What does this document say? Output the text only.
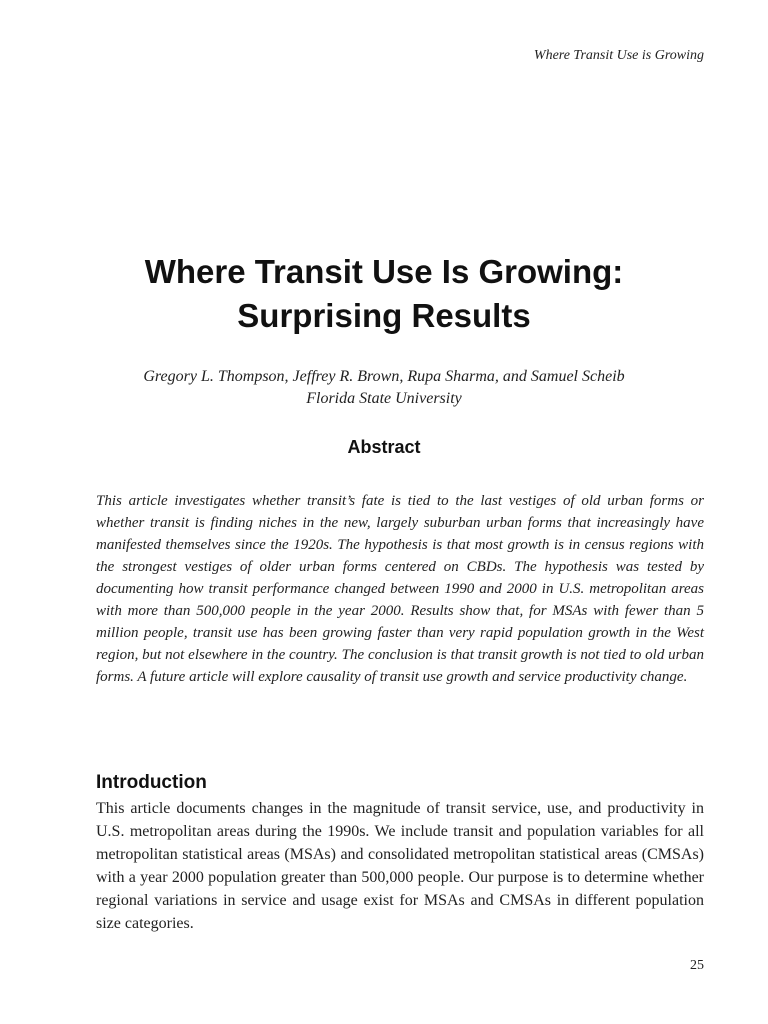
Where Transit Use is Growing
Where Transit Use Is Growing:
Surprising Results
Gregory L. Thompson, Jeffrey R. Brown, Rupa Sharma, and Samuel Scheib
Florida State University
Abstract

This article investigates whether transit’s fate is tied to the last vestiges of old urban forms or whether transit is finding niches in the new, largely suburban urban forms that increasingly have manifested themselves since the 1920s. The hypothesis is that most growth is in census regions with the strongest vestiges of older urban forms centered on CBDs. The hypothesis was tested by documenting how transit performance changed between 1990 and 2000 in U.S. metropolitan areas with more than 500,000 people in the year 2000. Results show that, for MSAs with fewer than 5 million people, transit use has been growing faster than very rapid population growth in the West region, but not elsewhere in the country. The conclusion is that transit growth is not tied to old urban forms. A future article will explore causality of transit use growth and service productivity change.

Introduction

This article documents changes in the magnitude of transit service, use, and productivity in U.S. metropolitan areas during the 1990s. We include transit and population variables for all metropolitan statistical areas (MSAs) and consolidated metropolitan statistical areas (CMSAs) with a year 2000 population greater than 500,000 people. Our purpose is to determine whether regional variations in service and usage exist for MSAs and CMSAs in different population size categories.

25
